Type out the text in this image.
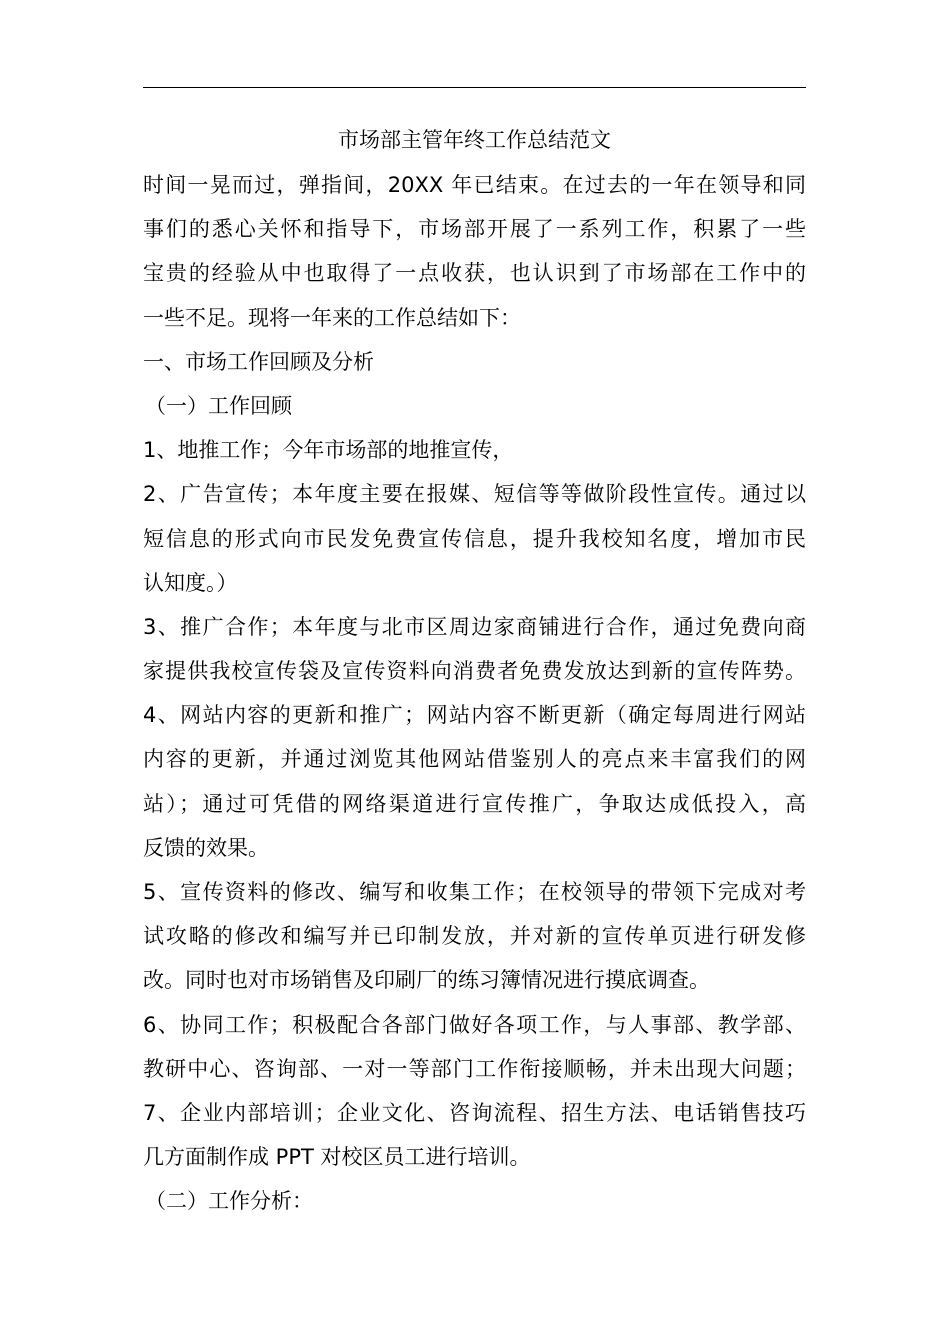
市场部主管年终工作总结范文
时间一晃而过，弹指间，20XX 年已结束。在过去的一年在领导和同
事们的悉心关怀和指导下，市场部开展了一系列工作，积累了一些
宝贵的经验从中也取得了一点收获，也认识到了市场部在工作中的
一些不足。现将一年来的工作总结如下：
一、市场工作回顾及分析
（一）工作回顾
1、地推工作；今年市场部的地推宣传，
2、广告宣传；本年度主要在报媒、短信等等做阶段性宣传。通过以
短信息的形式向市民发免费宣传信息，提升我校知名度，增加市民
认知度。）
3、推广合作；本年度与北市区周边家商铺进行合作，通过免费向商
家提供我校宣传袋及宣传资料向消费者免费发放达到新的宣传阵势。
4、网站内容的更新和推广；网站内容不断更新（确定每周进行网站
内容的更新，并通过浏览其他网站借鉴别人的亮点来丰富我们的网
站）；通过可凭借的网络渠道进行宣传推广，争取达成低投入，高
反馈的效果。
5、宣传资料的修改、编写和收集工作；在校领导的带领下完成对考
试攻略的修改和编写并已印制发放，并对新的宣传单页进行研发修
改。同时也对市场销售及印刷厂的练习簿情况进行摸底调查。
6、协同工作；积极配合各部门做好各项工作，与人事部、教学部、
教研中心、咨询部、一对一等部门工作衔接顺畅，并未出现大问题；
7、企业内部培训；企业文化、咨询流程、招生方法、电话销售技巧
几方面制作成 PPT 对校区员工进行培训。
（二）工作分析：
